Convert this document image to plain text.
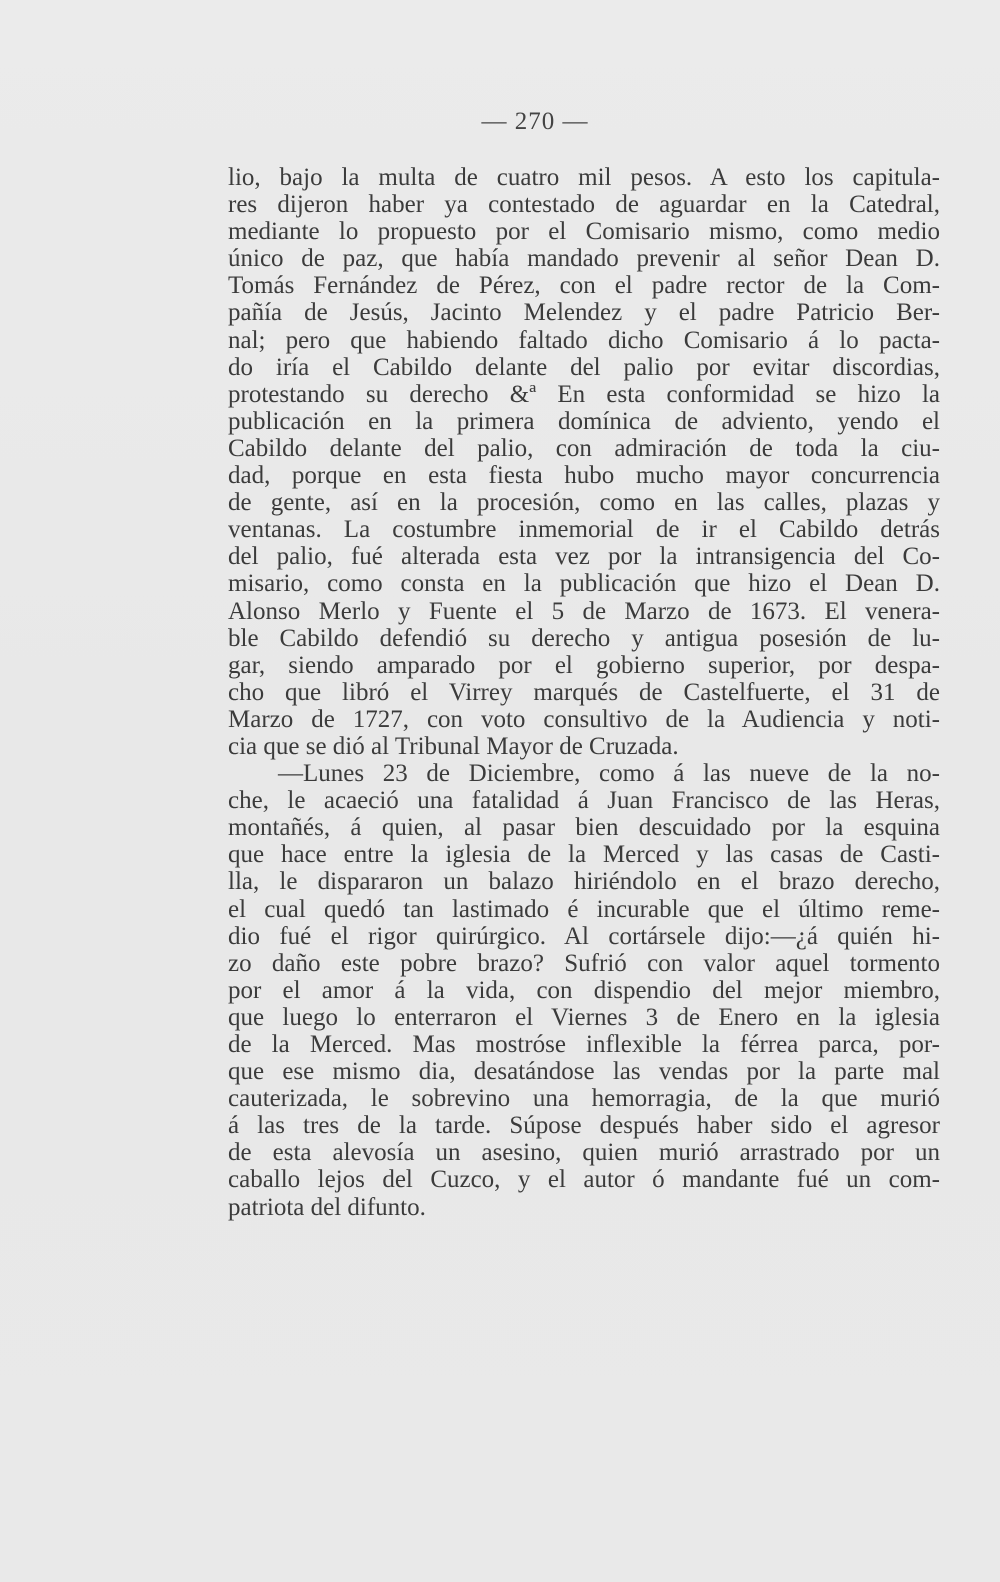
— 270 —
lio, bajo la multa de cuatro mil pesos. A esto los capitula-
res dijeron haber ya contestado de aguardar en la Catedral,
mediante lo propuesto por el Comisario mismo, como medio
único de paz, que había mandado prevenir al señor Dean D.
Tomás Fernández de Pérez, con el padre rector de la Com-
pañía de Jesús, Jacinto Melendez y el padre Patricio Ber-
nal; pero que habiendo faltado dicho Comisario á lo pacta-
do iría el Cabildo delante del palio por evitar discordias,
protestando su derecho &ª En esta conformidad se hizo la
publicación en la primera domínica de adviento, yendo el
Cabildo delante del palio, con admiración de toda la ciu-
dad, porque en esta fiesta hubo mucho mayor concurrencia
de gente, así en la procesión, como en las calles, plazas y
ventanas. La costumbre inmemorial de ir el Cabildo detrás
del palio, fué alterada esta vez por la intransigencia del Co-
misario, como consta en la publicación que hizo el Dean D.
Alonso Merlo y Fuente el 5 de Marzo de 1673. El venera-
ble Cabildo defendió su derecho y antigua posesión de lu-
gar, siendo amparado por el gobierno superior, por despa-
cho que libró el Virrey marqués de Castelfuerte, el 31 de
Marzo de 1727, con voto consultivo de la Audiencia y noti-
cia que se dió al Tribunal Mayor de Cruzada.
—Lunes 23 de Diciembre, como á las nueve de la no-
che, le acaeció una fatalidad á Juan Francisco de las Heras,
montañés, á quien, al pasar bien descuidado por la esquina
que hace entre la iglesia de la Merced y las casas de Casti-
lla, le dispararon un balazo hiriéndolo en el brazo derecho,
el cual quedó tan lastimado é incurable que el último reme-
dio fué el rigor quirúrgico. Al cortársele dijo:—¿á quién hi-
zo daño este pobre brazo? Sufrió con valor aquel tormento
por el amor á la vida, con dispendio del mejor miembro,
que luego lo enterraron el Viernes 3 de Enero en la iglesia
de la Merced. Mas mostróse inflexible la férrea parca, por-
que ese mismo dia, desatándose las vendas por la parte mal
cauterizada, le sobrevino una hemorragia, de la que murió
á las tres de la tarde. Súpose después haber sido el agresor
de esta alevosía un asesino, quien murió arrastrado por un
caballo lejos del Cuzco, y el autor ó mandante fué un com-
patriota del difunto.
